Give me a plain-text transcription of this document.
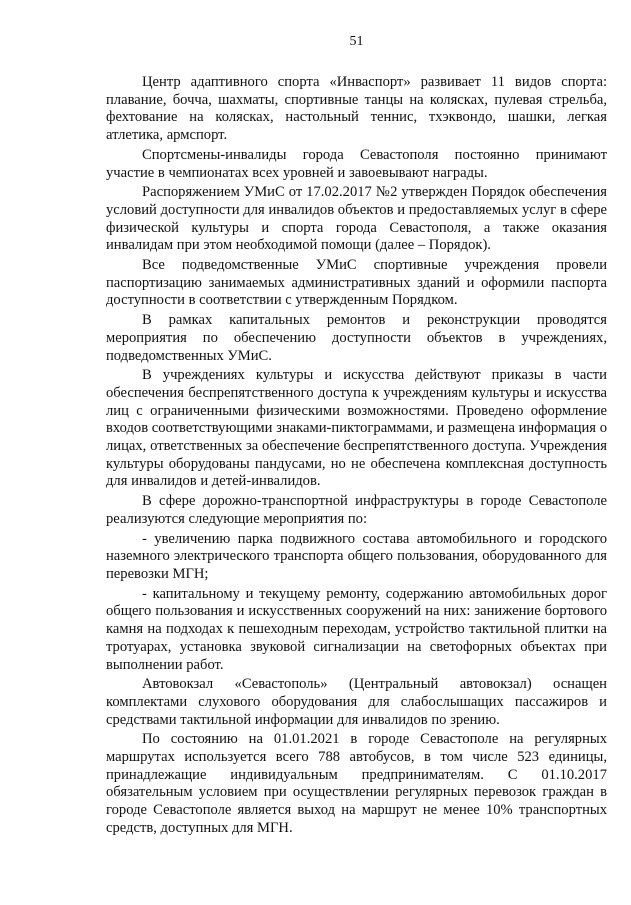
51

Центр адаптивного спорта «Инваспорт» развивает 11 видов спорта: плавание, бочча, шахматы, спортивные танцы на колясках, пулевая стрельба, фехтование на колясках, настольный теннис, тхэквондо, шашки, легкая атлетика, армспорт.

Спортсмены-инвалиды города Севастополя постоянно принимают участие в чемпионатах всех уровней и завоевывают награды.

Распоряжением УМиС от 17.02.2017 №2 утвержден Порядок обеспечения условий доступности для инвалидов объектов и предоставляемых услуг в сфере физической культуры и спорта города Севастополя, а также оказания инвалидам при этом необходимой помощи (далее – Порядок).

Все подведомственные УМиС спортивные учреждения провели паспортизацию занимаемых административных зданий и оформили паспорта доступности в соответствии с утвержденным Порядком.

В рамках капитальных ремонтов и реконструкции проводятся мероприятия по обеспечению доступности объектов в учреждениях, подведомственных УМиС.

В учреждениях культуры и искусства действуют приказы в части обеспечения беспрепятственного доступа к учреждениям культуры и искусства лиц с ограниченными физическими возможностями. Проведено оформление входов соответствующими знаками-пиктограммами, и размещена информация о лицах, ответственных за обеспечение беспрепятственного доступа. Учреждения культуры оборудованы пандусами, но не обеспечена комплексная доступность для инвалидов и детей-инвалидов.

В сфере дорожно-транспортной инфраструктуры в городе Севастополе реализуются следующие мероприятия по:

- увеличению парка подвижного состава автомобильного и городского наземного электрического транспорта общего пользования, оборудованного для перевозки МГН;

- капитальному и текущему ремонту, содержанию автомобильных дорог общего пользования и искусственных сооружений на них: занижение бортового камня на подходах к пешеходным переходам, устройство тактильной плитки на тротуарах, установка звуковой сигнализации на светофорных объектах при выполнении работ.

Автовокзал «Севастополь» (Центральный автовокзал) оснащен комплектами слухового оборудования для слабослышащих пассажиров и средствами тактильной информации для инвалидов по зрению.

По состоянию на 01.01.2021 в городе Севастополе на регулярных маршрутах используется всего 788 автобусов, в том числе 523 единицы, принадлежащие индивидуальным предпринимателям. С 01.10.2017 обязательным условием при осуществлении регулярных перевозок граждан в городе Севастополе является выход на маршрут не менее 10% транспортных средств, доступных для МГН.
